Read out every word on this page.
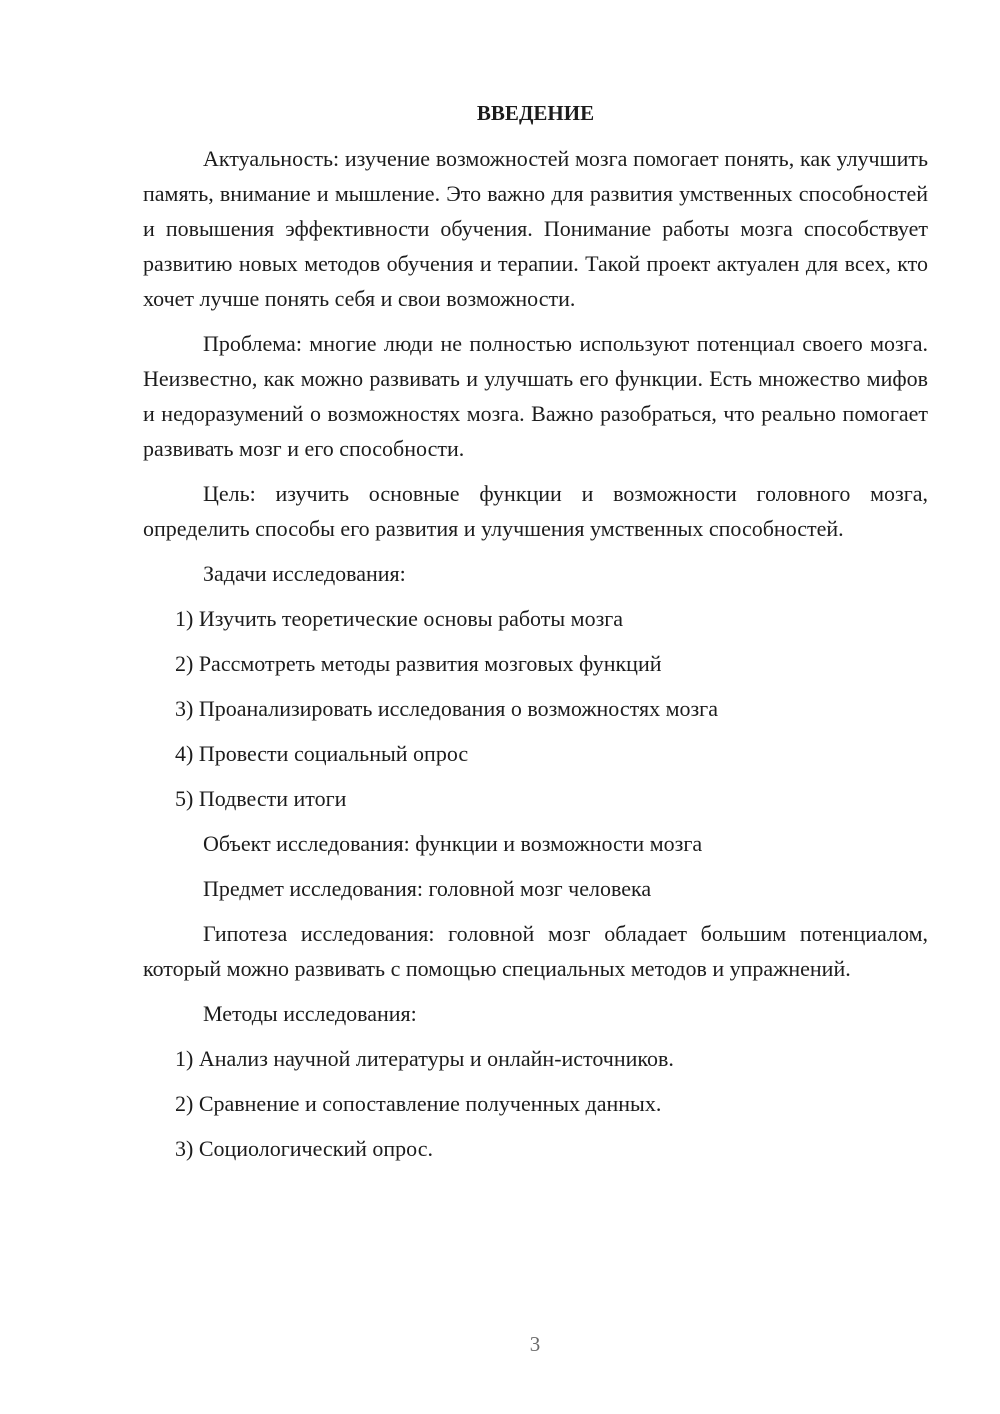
ВВЕДЕНИЕ

Актуальность: изучение возможностей мозга помогает понять, как улучшить память, внимание и мышление. Это важно для развития умственных способностей и повышения эффективности обучения. Понимание работы мозга способствует развитию новых методов обучения и терапии. Такой проект актуален для всех, кто хочет лучше понять себя и свои возможности.

Проблема: многие люди не полностью используют потенциал своего мозга. Неизвестно, как можно развивать и улучшать его функции. Есть множество мифов и недоразумений о возможностях мозга. Важно разобраться, что реально помогает развивать мозг и его способности.

Цель: изучить основные функции и возможности головного мозга, определить способы его развития и улучшения умственных способностей.

Задачи исследования:
1) Изучить теоретические основы работы мозга
2) Рассмотреть методы развития мозговых функций
3) Проанализировать исследования о возможностях мозга
4) Провести социальный опрос
5) Подвести итоги
Объект исследования: функции и возможности мозга
Предмет исследования: головной мозг человека

Гипотеза исследования: головной мозг обладает большим потенциалом, который можно развивать с помощью специальных методов и упражнений.

Методы исследования:
1) Анализ научной литературы и онлайн-источников.
2) Сравнение и сопоставление полученных данных.
3) Социологический опрос.
3
